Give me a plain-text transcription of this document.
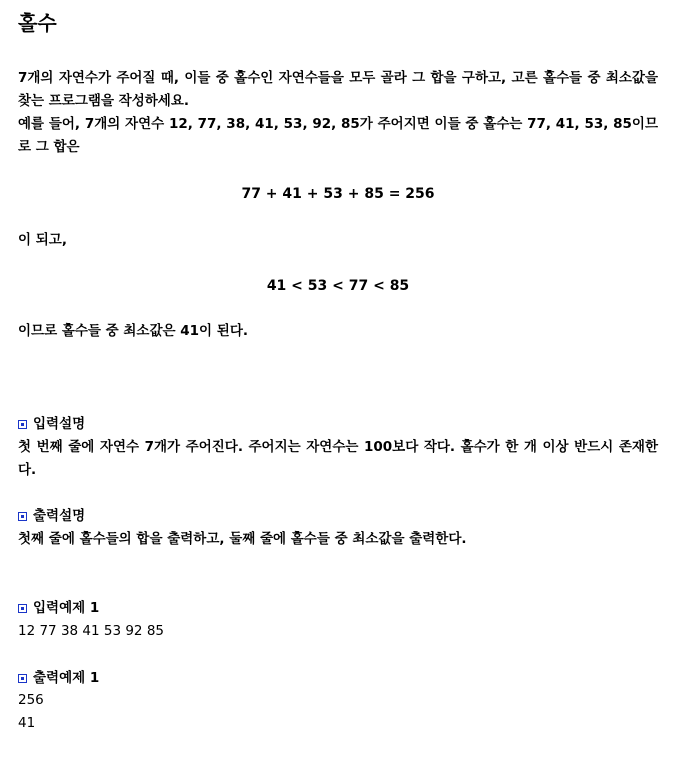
홀수
7개의 자연수가 주어질 때, 이들 중 홀수인 자연수들을 모두 골라 그 합을 구하고, 고른 홀수들 중 최소값을 찾는 프로그램을 작성하세요.
예를 들어, 7개의 자연수 12, 77, 38, 41, 53, 92, 85가 주어지면 이들 중 홀수는 77, 41, 53, 85이므로 그 합은
77 + 41 + 53 + 85 = 256
이 되고,
41 < 53 < 77 < 85
이므로 홀수들 중 최소값은 41이 된다.
입력설명
첫 번째 줄에 자연수 7개가 주어진다. 주어지는 자연수는 100보다 작다. 홀수가 한 개 이상 반드시 존재한다.
출력설명
첫째 줄에 홀수들의 합을 출력하고, 둘째 줄에 홀수들 중 최소값을 출력한다.
입력예제 1
12 77 38 41 53 92 85
출력예제 1
256
41
